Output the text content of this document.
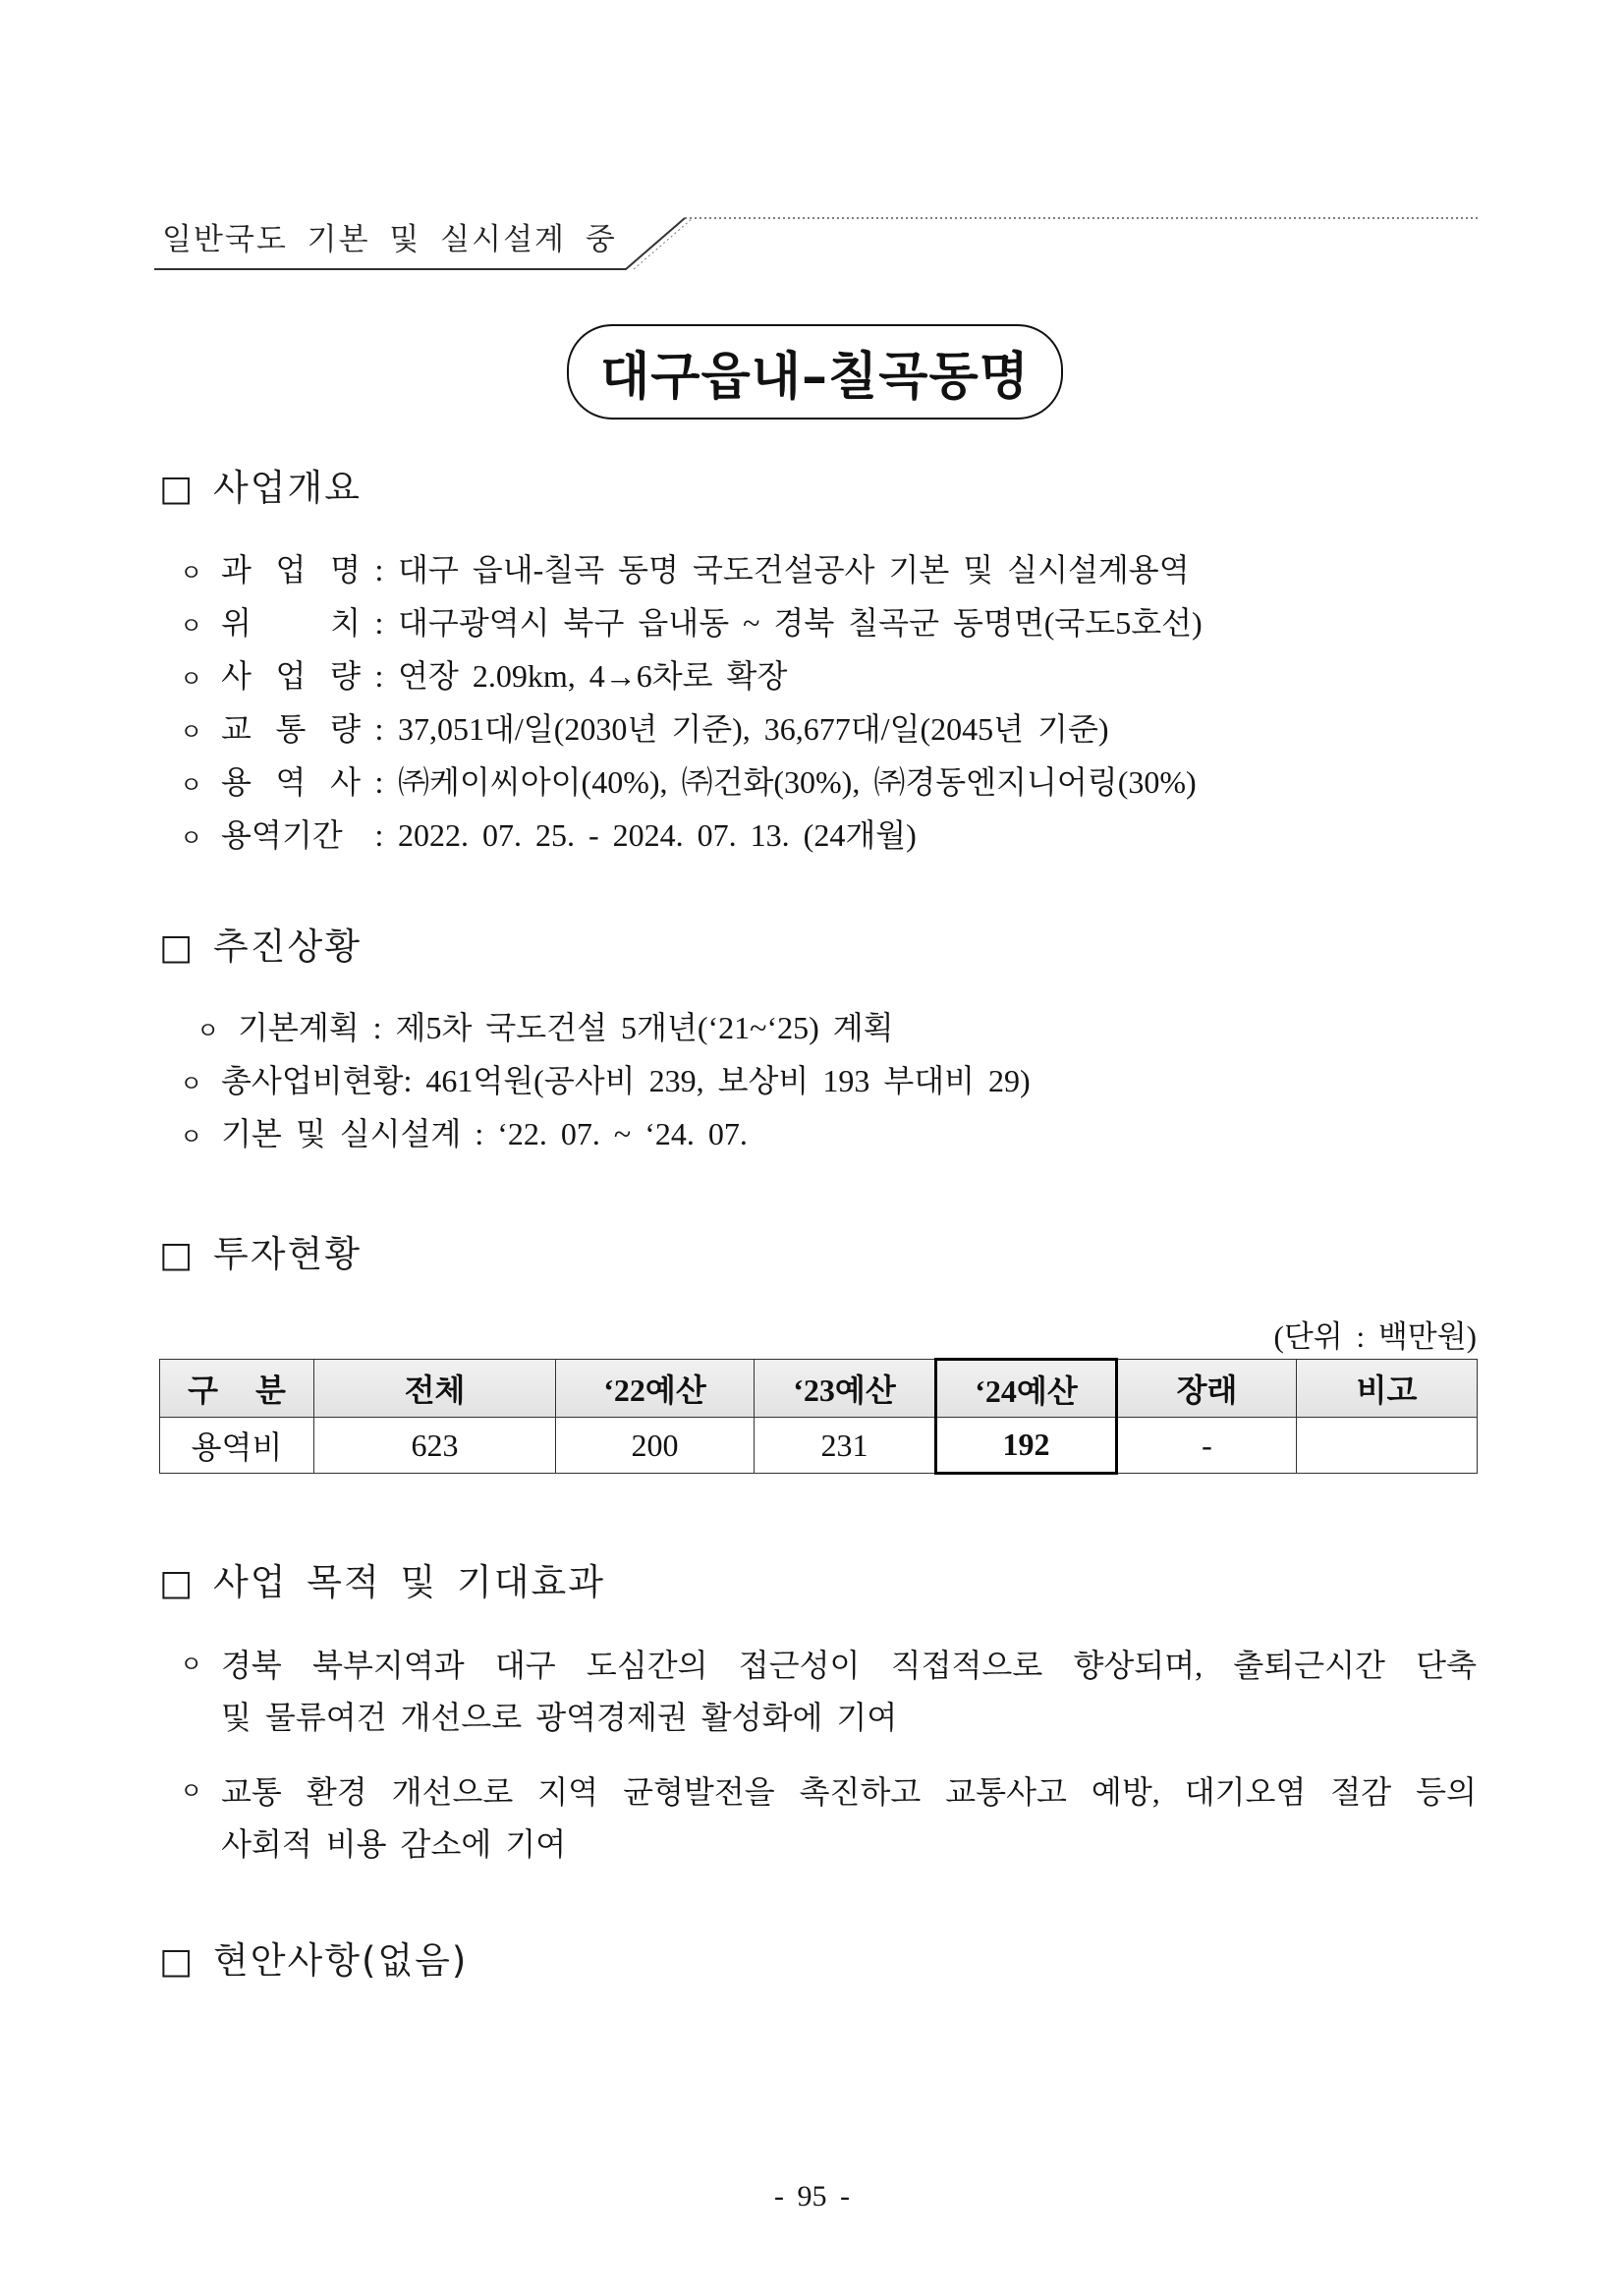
일반국도 기본 및 실시설계 중
대구읍내–칠곡동명
□ 사업개요
ㅇ 과 업 명 : 대구 읍내-칠곡 동명 국도건설공사 기본 및 실시설계용역
ㅇ 위 치 : 대구광역시 북구 읍내동 ~ 경북 칠곡군 동명면(국도5호선)
ㅇ 사 업 량 : 연장 2.09km, 4→6차로 확장
ㅇ 교 통 량 : 37,051대/일(2030년 기준), 36,677대/일(2045년 기준)
ㅇ 용 역 사 : ㈜케이씨아이(40%), ㈜건화(30%), ㈜경동엔지니어링(30%)
ㅇ 용역기간 : 2022. 07. 25. - 2024. 07. 13. (24개월)
□ 추진상황
ㅇ 기본계획 : 제5차 국도건설 5개년(‘21~‘25) 계획
ㅇ 총사업비현황: 461억원(공사비 239, 보상비 193 부대비 29)
ㅇ 기본 및 실시설계 : ‘22. 07. ~ ‘24. 07.
□ 투자현황
(단위 : 백만원)
구 분	전체	‘22예산	‘23예산	‘24예산	장래	비고
용역비	623	200	231	192	-	
□ 사업 목적 및 기대효과
ㅇ 경북 북부지역과 대구 도심간의 접근성이 직접적으로 향상되며, 출퇴근시간 단축
및 물류여건 개선으로 광역경제권 활성화에 기여
ㅇ 교통 환경 개선으로 지역 균형발전을 촉진하고 교통사고 예방, 대기오염 절감 등의
사회적 비용 감소에 기여
□ 현안사항(없음)
- 95 -
